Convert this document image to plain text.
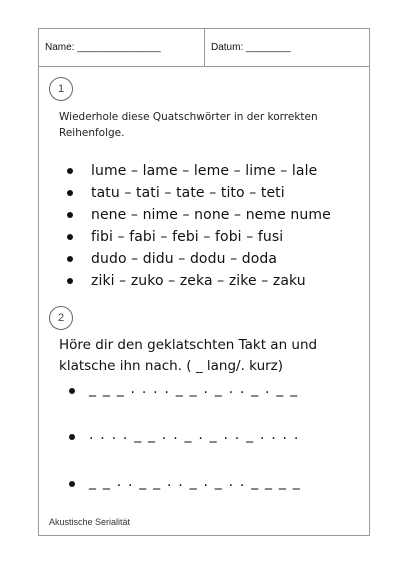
Name: _______________	Datum: ________
1
Wiederhole diese Quatschwörter in der korrekten Reihenfolge.
lume – lame – leme – lime – lale
tatu – tati – tate – tito – teti
nene – nime – none – neme nume
fibi – fabi – febi – fobi – fusi
dudo – didu – dodu – doda
ziki – zuko – zeka – zike – zaku
2
Höre dir den geklatschten Takt an und klatsche ihn nach. ( _ lang/. kurz)
_ _ _ . . . . _ _ . _ . . _ . _ _
. . . . _ _ . . _ . _ . . _ . . . .
_ _ . . _ _ . . _ . _ . . _ _ _ _
Akustische Serialität
